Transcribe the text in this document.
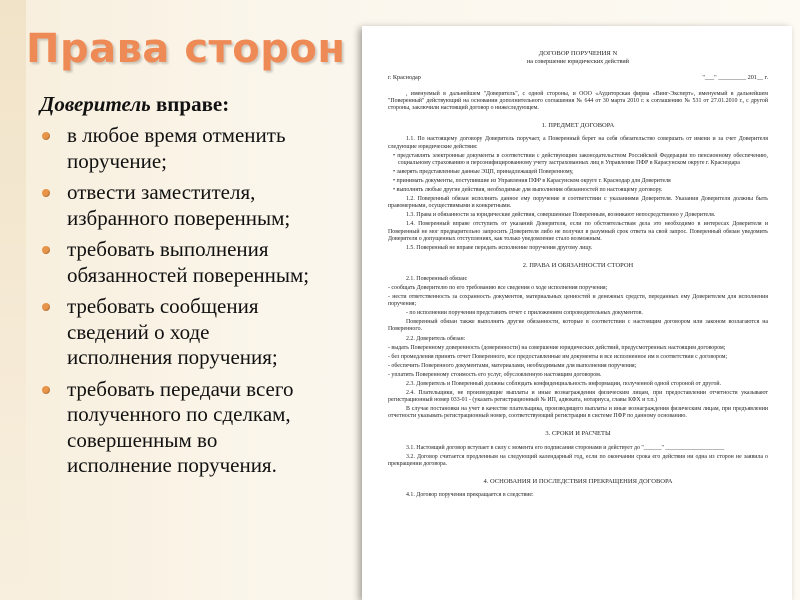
Права сторон
Доверитель вправе:
в любое время отменить
поручение;
отвести заместителя,
избранного поверенным;
требовать выполнения
обязанностей поверенным;
требовать сообщения
сведений о ходе
исполнения поручения;
требовать передачи всего
полученного по сделкам,
совершенным во
исполнение поручения.

ДОГОВОР ПОРУЧЕНИЯ N

на совершение юридических действий

г. Краснодар	"___" _________ 201__ г.

, именуемый в дальнейшем "Доверитель", с одной стороны, и ООО «Аудиторская фирма «Винг-Эксперт», именуемый в дальнейшем "Поверенный" действующий на основании дополнительного соглашения № 644 от 30 марта 2010 г. к соглашению № 531 от 27.01.2010 г., с другой стороны, заключили настоящий договор о нижеследующем.

1. ПРЕДМЕТ ДОГОВОРА

1.1. По настоящему договору Доверитель поручает, а Поверенный берет на себя обязательство совершать от имени и за счет Доверителя следующие юридические действия:

• представлять электронные документы в соответствии с действующим законодательством Российской Федерации по пенсионному обеспечению, социальному страхованию и персонифицированному учету застрахованных лиц в Управление ПФР в Карасунском округе г. Краснодара

• заверять представленные данные ЭЦП, принадлежащей Поверенному,

• принимать документы, поступившие из Управления ПФР в Карасунском округе г. Краснодар для Доверителя

• выполнять любые другие действия, необходимые для выполнения обязанностей по настоящему договору.

1.2. Поверенный обязан исполнить данное ему поручение в соответствии с указаниями Доверителя. Указания Доверителя должны быть правомерными, осуществимыми и конкретными.

1.3. Права и обязанности за юридические действия, совершенные Поверенным, возникают непосредственно у Доверителя.

1.4. Поверенный вправе отступить от указаний Доверителя, если по обстоятельствам дела это необходимо в интересах Доверителя и Поверенный не мог предварительно запросить Доверителя либо не получил в разумный срок ответа на свой запрос. Поверенный обязан уведомить Доверителя о допущенных отступлениях, как только уведомление стало возможным.

1.5. Поверенный не вправе передать исполнение поручения другому лицу.

2. ПРАВА И ОБЯЗАННОСТИ СТОРОН

2.1. Поверенный обязан:

- сообщать Доверителю по его требованию все сведения о ходе исполнения поручения;

- нести ответственность за сохранность документов, материальных ценностей и денежных средств, переданных ему Доверителем для исполнения поручения;

- по исполнении поручения представить отчет с приложением сопроводительных документов.

Поверенный обязан также выполнять другие обязанности, которые в соответствии с настоящим договором или законом возлагаются на Поверенного.

2.2. Доверитель обязан:

- выдать Поверенному доверенность (доверенности) на совершение юридических действий, предусмотренных настоящим договором;

- без промедления принять отчет Поверенного, все предоставленные им документы и все исполненное им в соответствии с договором;

- обеспечить Поверенного документами, материалами, необходимыми для выполнения поручения;

- уплатить Поверенному стоимость его услуг, обусловленную настоящим договором.

2.3. Доверитель и Поверенный должны соблюдать конфиденциальность информации, полученной одной стороной от другой.

2.4. Плательщики, не производящие выплаты и иные вознаграждения физическим лицам, при предоставлении отчетности указывают регистрационный номер 033-01 - (указать регистрационный № ИП, адвоката, нотариуса, главы КФХ и т.п.)

В случае постановки на учет в качестве плательщика, производящего выплаты и иные вознаграждения физическим лицам, при предъявлении отчетности указывать регистрационный номер, соответствующий регистрации в системе ПФР по данному основанию.

3. СРОКИ И РАСЧЕТЫ

3.1. Настоящий договор вступает в силу с момента его подписания сторонами и действует до "______" ____________________

3.2. Договор считается продленным на следующий календарный год, если по окончании срока его действия ни одна из сторон не заявила о прекращении договора.

4. ОСНОВАНИЯ И ПОСЛЕДСТВИЯ ПРЕКРАЩЕНИЯ ДОГОВОРА

4.1. Договор поручения прекращается в следствие:
